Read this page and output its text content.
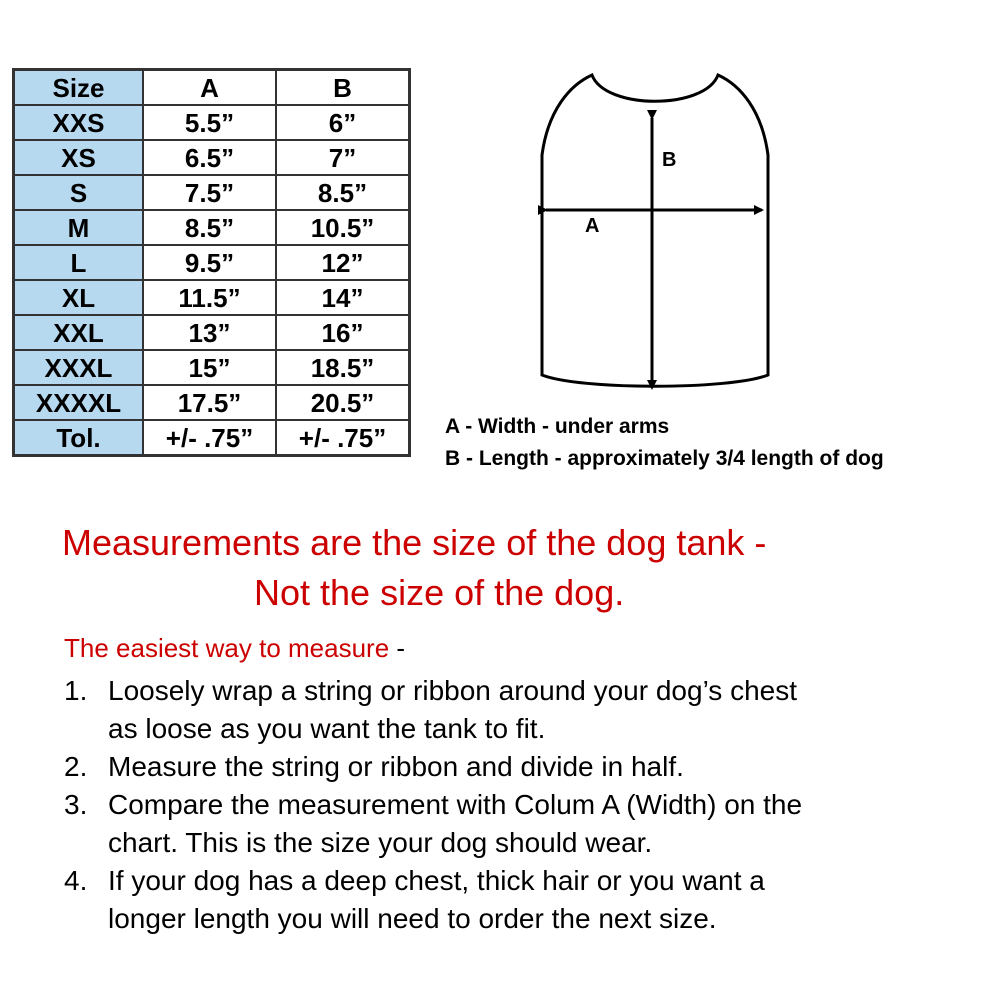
Size	A	B
XXS	5.5”	6”
XS	6.5”	7”
S	7.5”	8.5”
M	8.5”	10.5”
L	9.5”	12”
XL	11.5”	14”
XXL	13”	16”
XXXL	15”	18.5”
XXXXL	17.5”	20.5”
Tol.	+/- .75”	+/- .75”
A
B
A - Width - under arms
B - Length - approximately 3/4 length of dog
Measurements are the size of the dog tank -
Not the size of the dog.
The easiest way to measure -
1. Loosely wrap a string or ribbon around your dog’s chest
as loose as you want the tank to fit.
2. Measure the string or ribbon and divide in half.
3. Compare the measurement with Colum A (Width) on the
chart. This is the size your dog should wear.
4. If your dog has a deep chest, thick hair or you want a
longer length you will need to order the next size.
